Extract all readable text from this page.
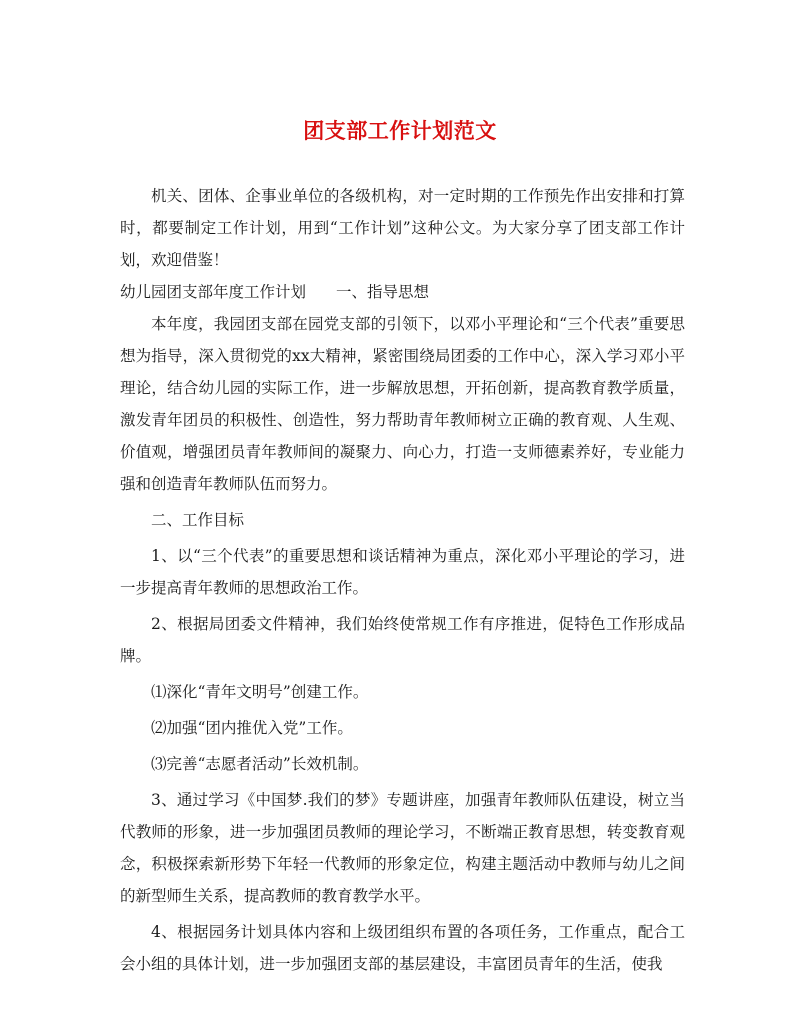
团支部工作计划范文

机关、团体、企事业单位的各级机构，对一定时期的工作预先作出安排和打算时，都要制定工作计划，用到“工作计划”这种公文。为大家分享了团支部工作计划，欢迎借鉴！

幼儿园团支部年度工作计划 一、指导思想

本年度，我园团支部在园党支部的引领下，以邓小平理论和“三个代表”重要思想为指导，深入贯彻党的xx大精神，紧密围绕局团委的工作中心，深入学习邓小平理论，结合幼儿园的实际工作，进一步解放思想，开拓创新，提高教育教学质量，激发青年团员的积极性、创造性，努力帮助青年教师树立正确的教育观、人生观、价值观，增强团员青年教师间的凝聚力、向心力，打造一支师德素养好，专业能力强和创造青年教师队伍而努力。

二、工作目标

1、以“三个代表”的重要思想和谈话精神为重点，深化邓小平理论的学习，进一步提高青年教师的思想政治工作。

2、根据局团委文件精神，我们始终使常规工作有序推进，促特色工作形成品牌。

⑴深化“青年文明号”创建工作。

⑵加强“团内推优入党”工作。

⑶完善“志愿者活动”长效机制。

3、通过学习《中国梦.我们的梦》专题讲座，加强青年教师队伍建设，树立当代教师的形象，进一步加强团员教师的理论学习，不断端正教育思想，转变教育观念，积极探索新形势下年轻一代教师的形象定位，构建主题活动中教师与幼儿之间的新型师生关系，提高教师的教育教学水平。

4、根据园务计划具体内容和上级团组织布置的各项任务，工作重点，配合工会小组的具体计划，进一步加强团支部的基层建设，丰富团员青年的生活，使我
